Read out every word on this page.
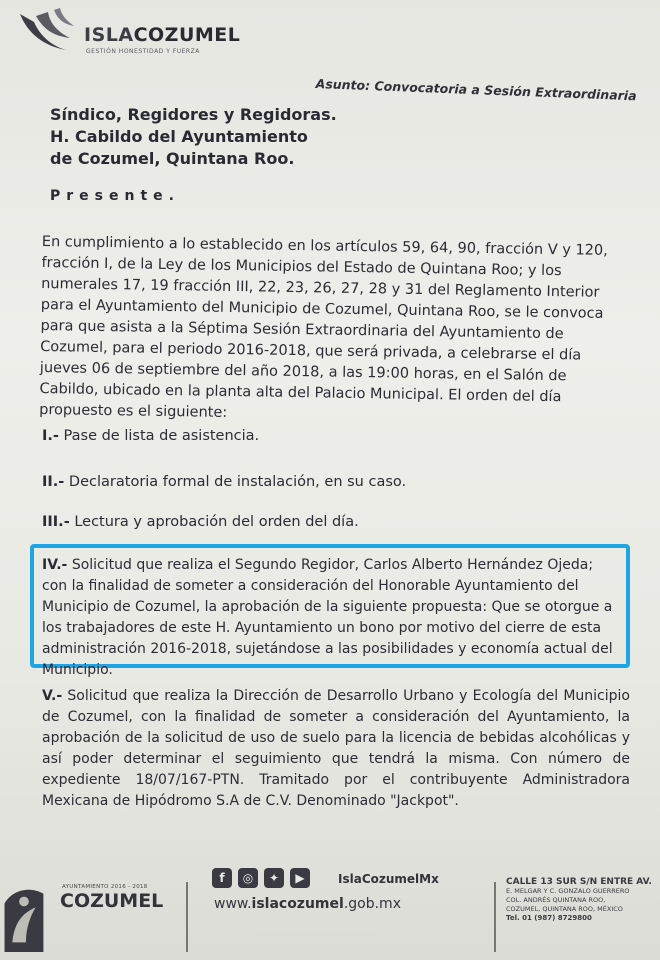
ISLACOZUMEL
GESTIÓN HONESTIDAD Y FUERZA
Asunto: Convocatoria a Sesión Extraordinaria
Síndico, Regidores y Regidoras.
H. Cabildo del Ayuntamiento
de Cozumel, Quintana Roo.
Presente.
En cumplimiento a lo establecido en los artículos 59, 64, 90, fracción V y 120, fracción I, de la Ley de los Municipios del Estado de Quintana Roo; y los numerales 17, 19 fracción III, 22, 23, 26, 27, 28 y 31 del Reglamento Interior para el Ayuntamiento del Municipio de Cozumel, Quintana Roo, se le convoca para que asista a la Séptima Sesión Extraordinaria del Ayuntamiento de Cozumel, para el periodo 2016-2018, que será privada, a celebrarse el día jueves 06 de septiembre del año 2018, a las 19:00 horas, en el Salón de Cabildo, ubicado en la planta alta del Palacio Municipal. El orden del día propuesto es el siguiente:
I.- Pase de lista de asistencia.
II.- Declaratoria formal de instalación, en su caso.
III.- Lectura y aprobación del orden del día.
IV.- Solicitud que realiza el Segundo Regidor, Carlos Alberto Hernández Ojeda; con la finalidad de someter a consideración del Honorable Ayuntamiento del Municipio de Cozumel, la aprobación de la siguiente propuesta: Que se otorgue a los trabajadores de este H. Ayuntamiento un bono por motivo del cierre de esta administración 2016-2018, sujetándose a las posibilidades y economía actual del Municipio.
V.- Solicitud que realiza la Dirección de Desarrollo Urbano y Ecología del Municipio de Cozumel, con la finalidad de someter a consideración del Ayuntamiento, la aprobación de la solicitud de uso de suelo para la licencia de bebidas alcohólicas y así poder determinar el seguimiento que tendrá la misma. Con número de expediente 18/07/167-PTN. Tramitado por el contribuyente Administradora Mexicana de Hipódromo S.A de C.V. Denominado "Jackpot".
AYUNTAMIENTO 2016 - 2018
COZUMEL
f	◎	✦	▶	IslaCozumelMx
www.islacozumel.gob.mx
CALLE 13 SUR S/N ENTRE AV.
E. MELGAR Y C. GONZALO GUERRERO
COL. ANDRÉS QUINTANA ROO,
COZUMEL, QUINTANA ROO, MÉXICO
Tel. 01 (987) 8729800
